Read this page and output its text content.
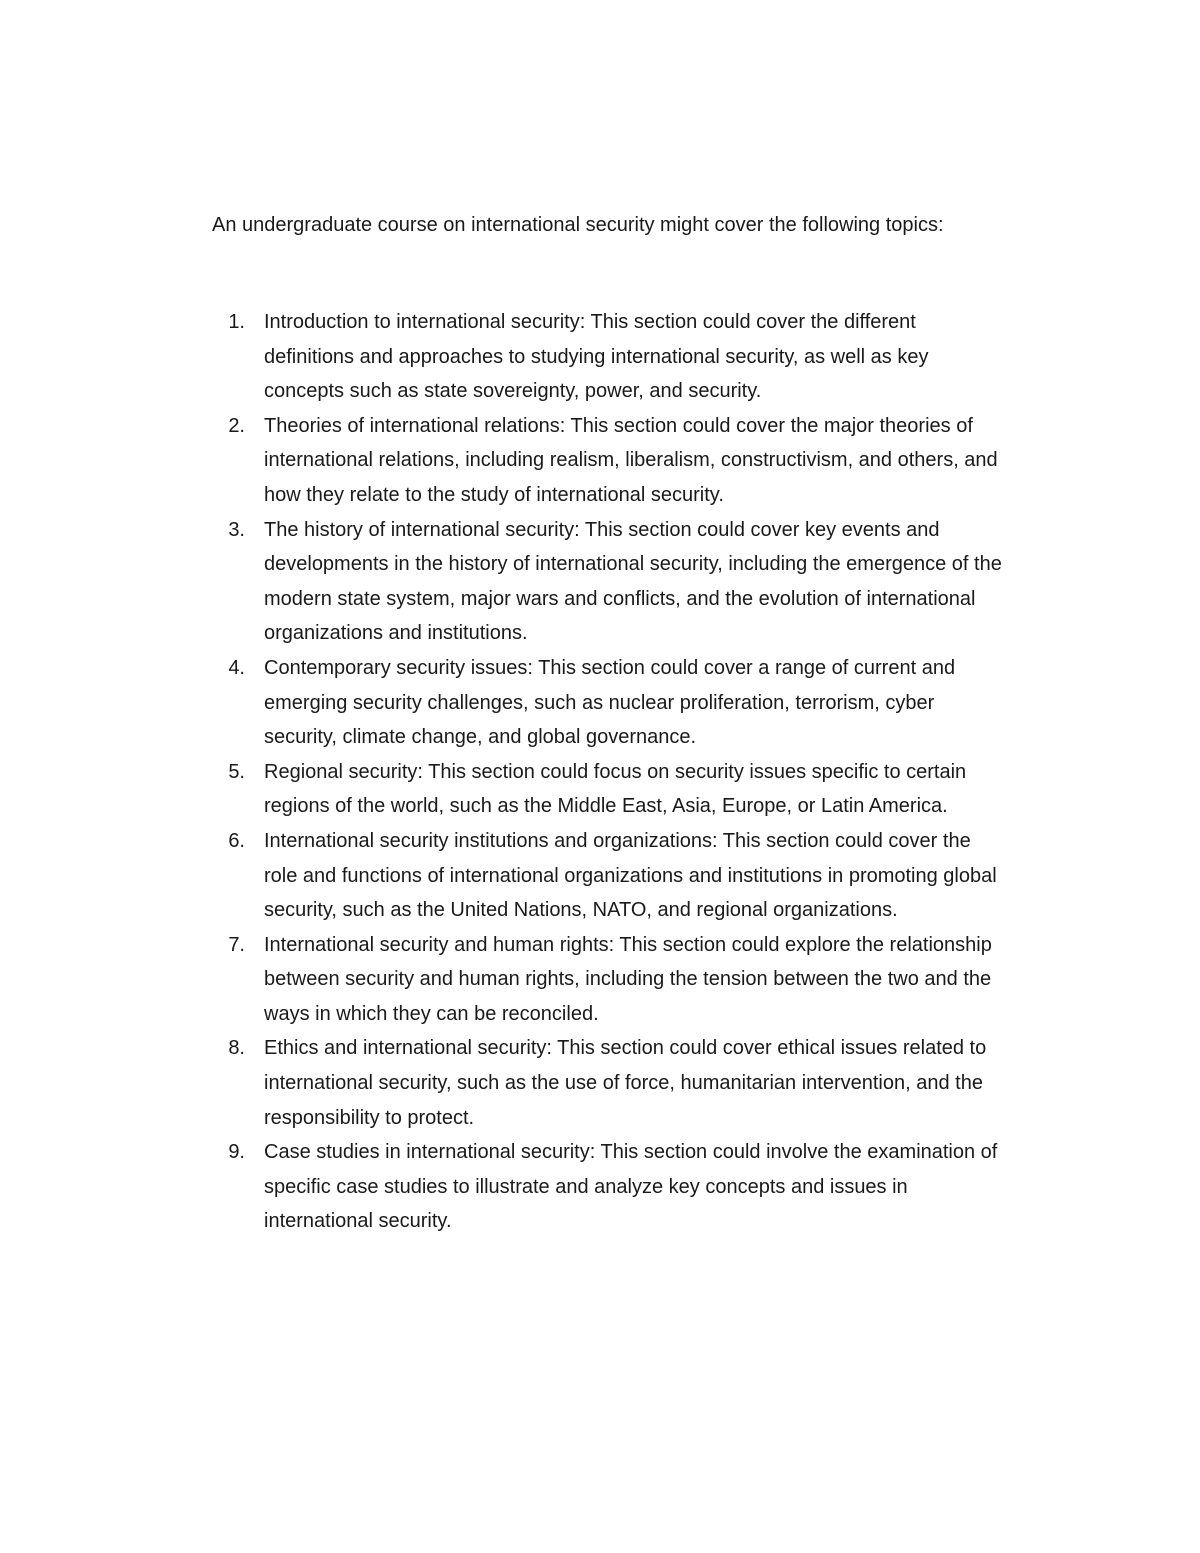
An undergraduate course on international security might cover the following topics:

1. Introduction to international security: This section could cover the different definitions and approaches to studying international security, as well as key concepts such as state sovereignty, power, and security.
2. Theories of international relations: This section could cover the major theories of international relations, including realism, liberalism, constructivism, and others, and how they relate to the study of international security.
3. The history of international security: This section could cover key events and developments in the history of international security, including the emergence of the modern state system, major wars and conflicts, and the evolution of international organizations and institutions.
4. Contemporary security issues: This section could cover a range of current and emerging security challenges, such as nuclear proliferation, terrorism, cyber security, climate change, and global governance.
5. Regional security: This section could focus on security issues specific to certain regions of the world, such as the Middle East, Asia, Europe, or Latin America.
6. International security institutions and organizations: This section could cover the role and functions of international organizations and institutions in promoting global security, such as the United Nations, NATO, and regional organizations.
7. International security and human rights: This section could explore the relationship between security and human rights, including the tension between the two and the ways in which they can be reconciled.
8. Ethics and international security: This section could cover ethical issues related to international security, such as the use of force, humanitarian intervention, and the responsibility to protect.
9. Case studies in international security: This section could involve the examination of specific case studies to illustrate and analyze key concepts and issues in international security.
